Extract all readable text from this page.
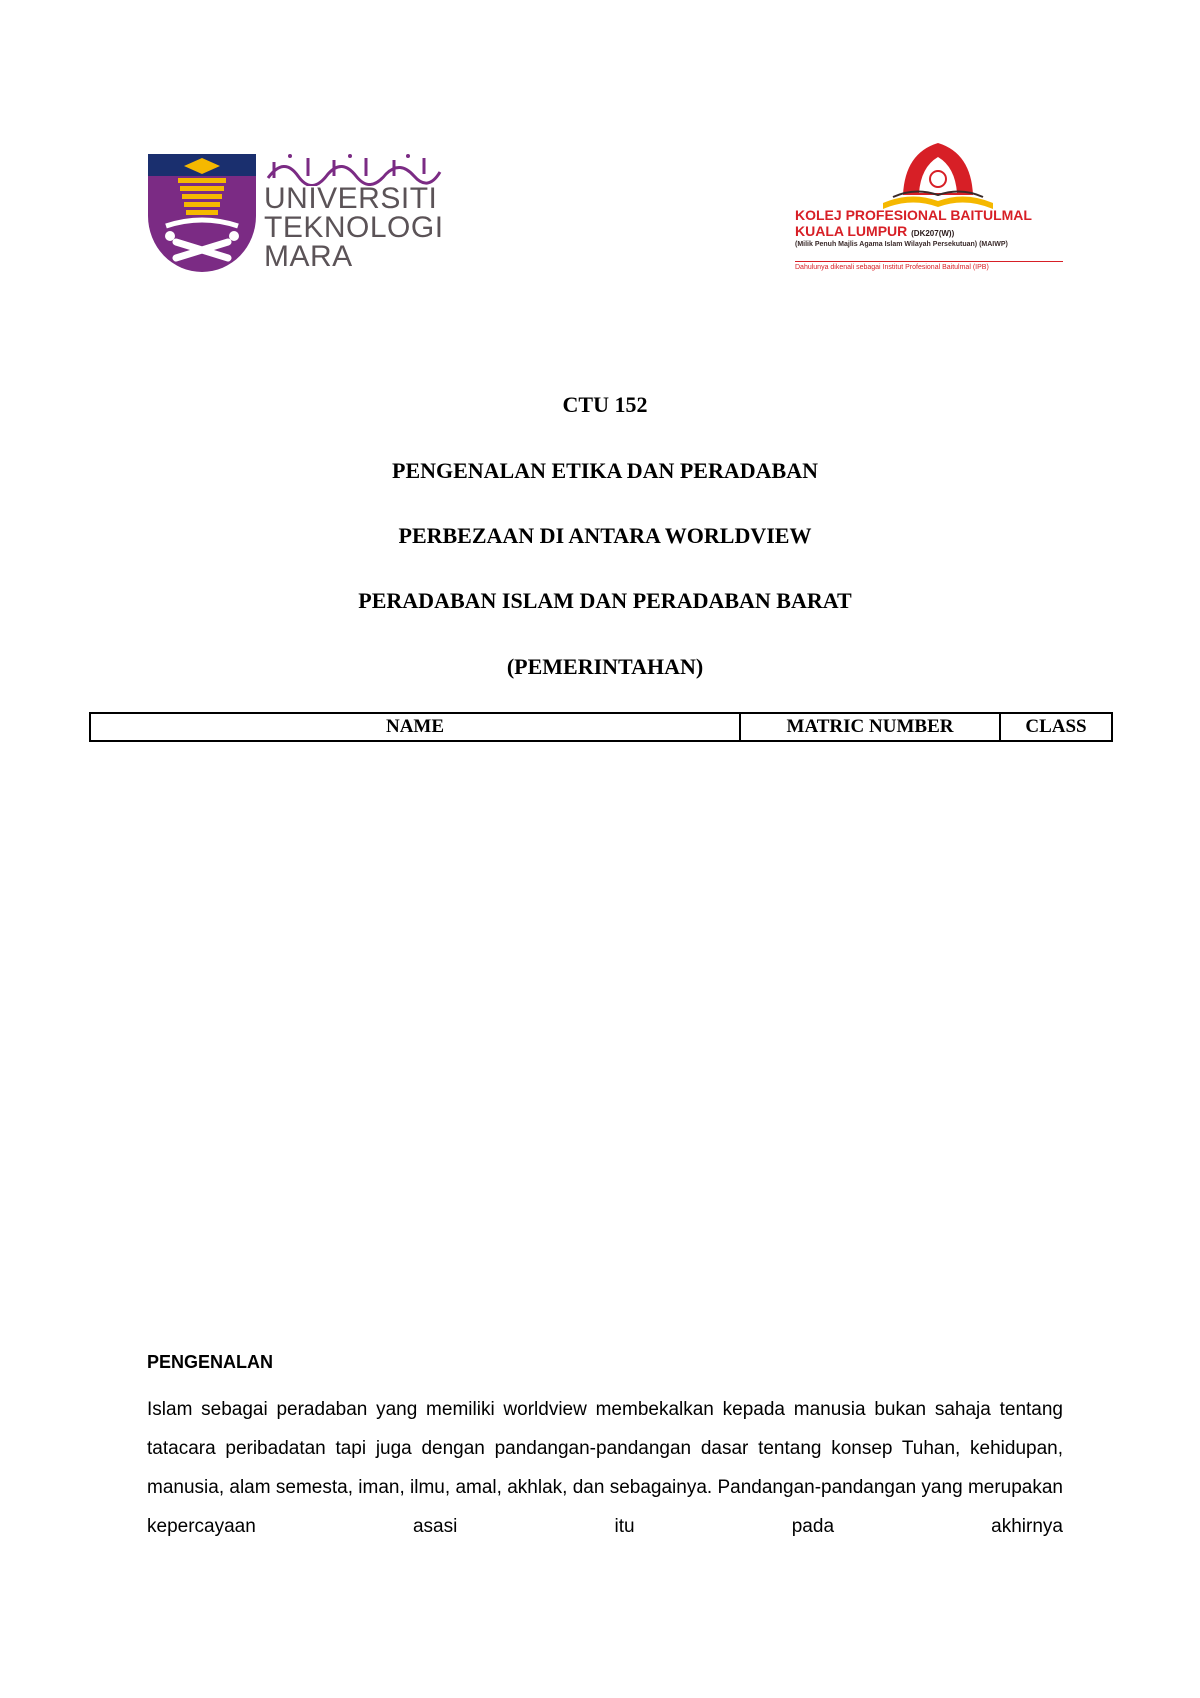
UNIVERSITI
TEKNOLOGI
MARA
KOLEJ PROFESIONAL BAITULMAL
KUALA LUMPUR (DK207(W))
(Milik Penuh Majlis Agama Islam Wilayah Persekutuan) (MAIWP)
Dahulunya dikenali sebagai Institut Profesional Baitulmal (IPB)
CTU 152
PENGENALAN ETIKA DAN PERADABAN
PERBEZAAN DI ANTARA WORLDVIEW
PERADABAN ISLAM DAN PERADABAN BARAT
(PEMERINTAHAN)
NAME	MATRIC NUMBER	CLASS
PENGENALAN
Islam sebagai peradaban yang memiliki worldview membekalkan kepada manusia bukan sahaja tentang tatacara peribadatan tapi juga dengan pandangan-pandangan dasar tentang konsep Tuhan, kehidupan, manusia, alam semesta, iman, ilmu, amal, akhlak, dan sebagainya. Pandangan-pandangan yang merupakan kepercayaan asasi itu pada akhirnya
